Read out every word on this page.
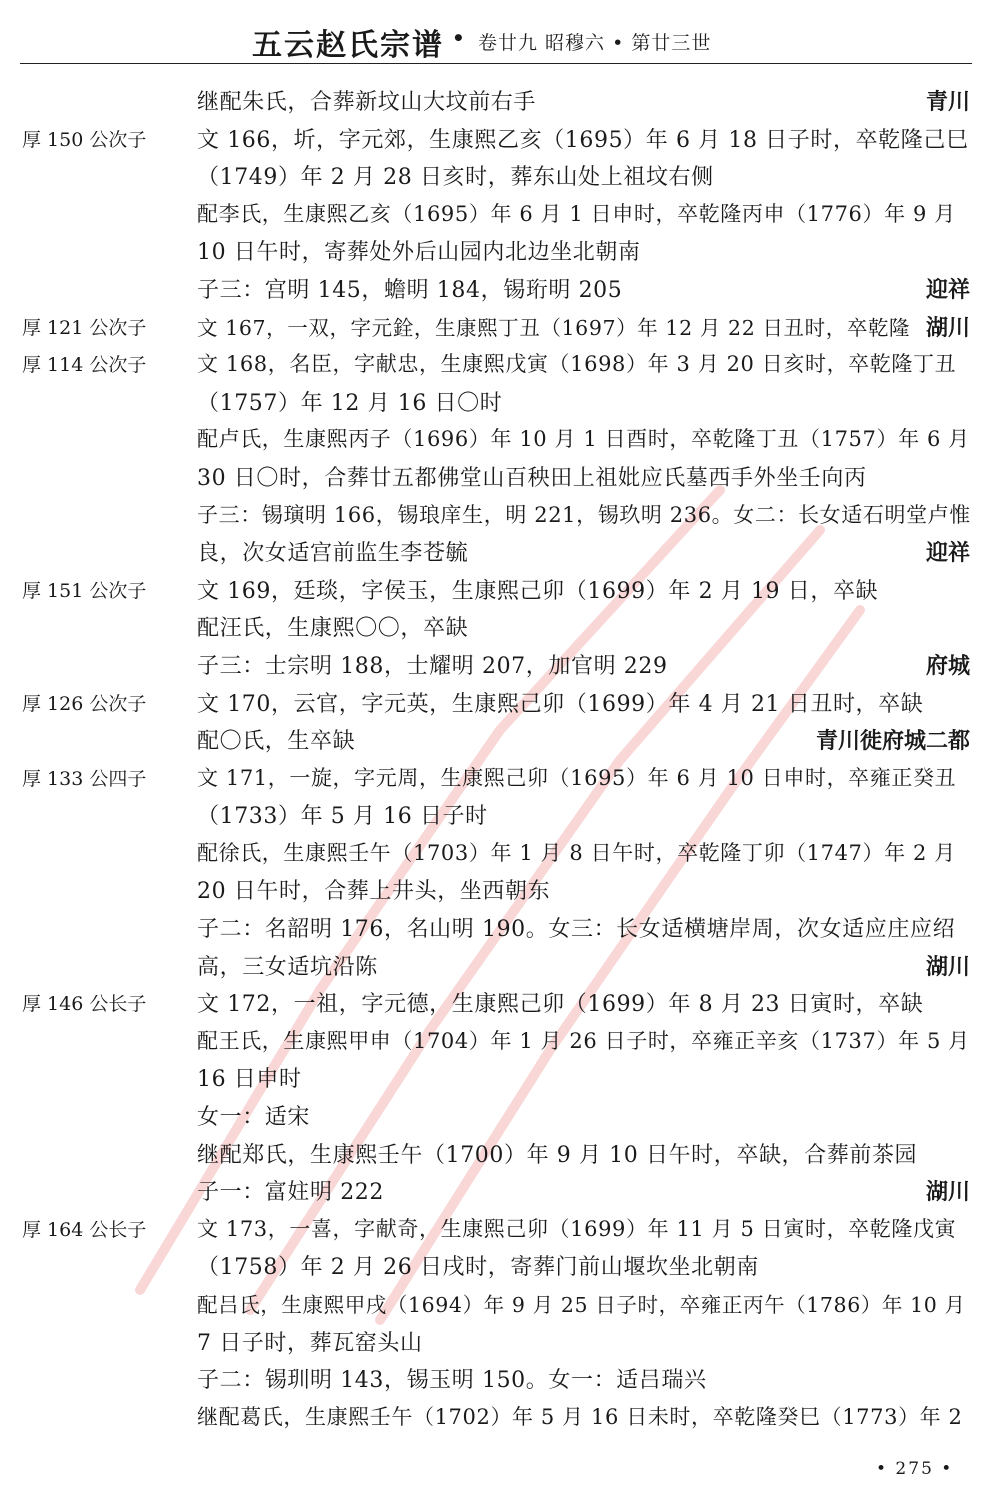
五云赵氏宗谱 • 卷廿九 昭穆六 • 第廿三世
继配朱氏，合葬新坟山大坟前右手	青川
厚 150 公次子 文 166，圻，字元郊，生康熙乙亥（1695）年 6 月 18 日子时，卒乾隆己巳
（1749）年 2 月 28 日亥时，葬东山处上祖坟右侧
配李氏，生康熙乙亥（1695）年 6 月 1 日申时，卒乾隆丙申（1776）年 9 月
10 日午时，寄葬处外后山园内北边坐北朝南
子三：宫明 145，蟾明 184，锡珩明 205	迎祥
厚 121 公次子 文 167，一双，字元銓，生康熙丁丑（1697）年 12 月 22 日丑时，卒乾隆 湖川
厚 114 公次子 文 168，名臣，字献忠，生康熙戊寅（1698）年 3 月 20 日亥时，卒乾隆丁丑
（1757）年 12 月 16 日〇时
配卢氏，生康熙丙子（1696）年 10 月 1 日酉时，卒乾隆丁丑（1757）年 6 月
30 日〇时，合葬廿五都佛堂山百秧田上祖妣应氏墓西手外坐壬向丙
子三：锡璌明 166，锡琅庠生，明 221，锡玖明 236。女二：长女适石明堂卢惟
良，次女适宫前监生李苍毓	迎祥
厚 151 公次子 文 169，廷琰，字侯玉，生康熙己卯（1699）年 2 月 19 日，卒缺
配汪氏，生康熙〇〇，卒缺
子三：士宗明 188，士耀明 207，加官明 229	府城
厚 126 公次子 文 170，云官，字元英，生康熙己卯（1699）年 4 月 21 日丑时，卒缺
配〇氏，生卒缺	青川徙府城二都
厚 133 公四子 文 171，一旋，字元周，生康熙己卯（1695）年 6 月 10 日申时，卒雍正癸丑
（1733）年 5 月 16 日子时
配徐氏，生康熙壬午（1703）年 1 月 8 日午时，卒乾隆丁卯（1747）年 2 月
20 日午时，合葬上井头，坐西朝东
子二：名韶明 176，名山明 190。女三：长女适横塘岸周，次女适应庄应绍
高，三女适坑沿陈	湖川
厚 146 公长子 文 172，一祖，字元德，生康熙己卯（1699）年 8 月 23 日寅时，卒缺
配王氏，生康熙甲申（1704）年 1 月 26 日子时，卒雍正辛亥（1737）年 5 月
16 日申时
女一：适宋
继配郑氏，生康熙壬午（1700）年 9 月 10 日午时，卒缺，合葬前茶园
子一：富妵明 222	湖川
厚 164 公长子 文 173，一喜，字献奇，生康熙己卯（1699）年 11 月 5 日寅时，卒乾隆戊寅
（1758）年 2 月 26 日戌时，寄葬门前山堰坎坐北朝南
配吕氏，生康熙甲戌（1694）年 9 月 25 日子时，卒雍正丙午（1786）年 10 月
7 日子时，葬瓦窑头山
子二：锡玔明 143，锡玉明 150。女一：适吕瑞兴
继配葛氏，生康熙壬午（1702）年 5 月 16 日未时，卒乾隆癸巳（1773）年 2
• 275 •
